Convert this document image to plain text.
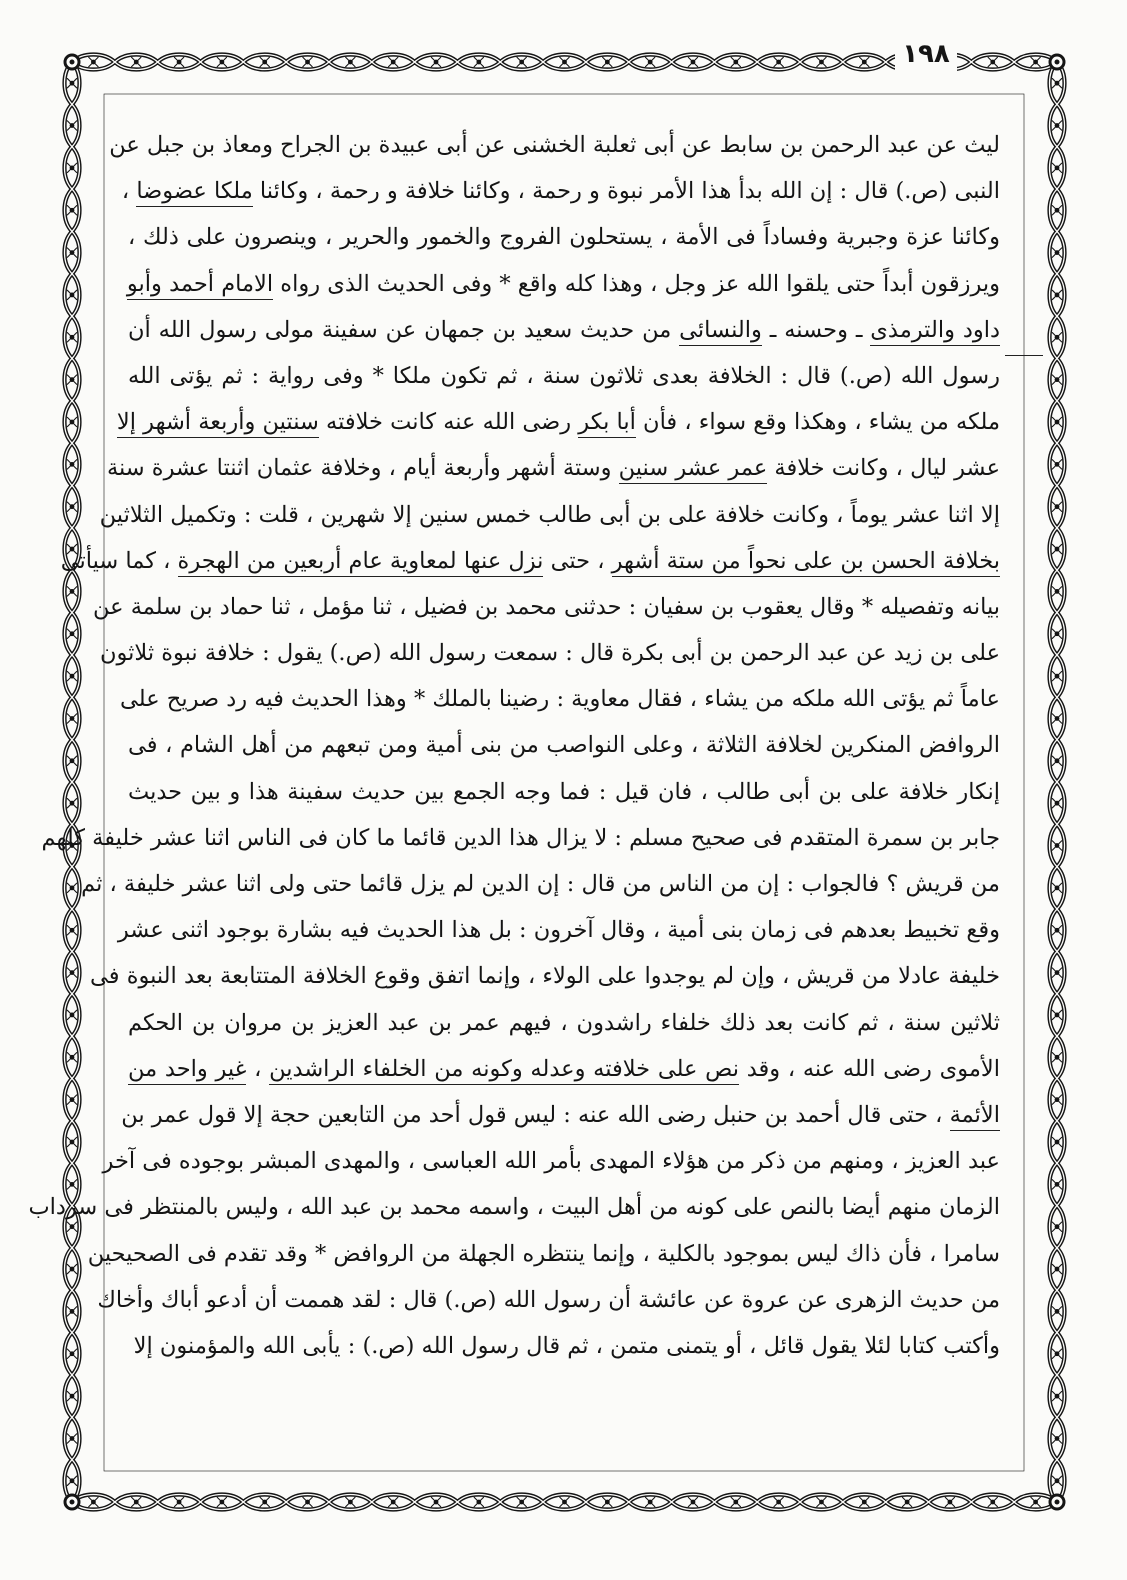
١٩٨
ليث عن عبد الرحمن بن سابط عن أبى ثعلبة الخشنى عن أبى عبيدة بن الجراح ومعاذ بن جبل عن
النبى (ص.) قال : إن الله بدأ هذا الأمر نبوة و رحمة ، وكائنا خلافة و رحمة ، وكائنا ملكا عضوضا ،
وكائنا عزة وجبرية وفساداً فى الأمة ، يستحلون الفروج والخمور والحرير ، وينصرون على ذلك ،
ويرزقون أبداً حتى يلقوا الله عز وجل ، وهذا كله واقع * وفى الحديث الذى رواه الامام أحمد وأبو
داود والترمذى ـ وحسنه ـ والنسائى من حديث سعيد بن جمهان عن سفينة مولى رسول الله أن
رسول الله (ص.) قال : الخلافة بعدى ثلاثون سنة ، ثم تكون ملكا * وفى رواية : ثم يؤتى الله
ملكه من يشاء ، وهكذا وقع سواء ، فأن أبا بكر رضى الله عنه كانت خلافته سنتين وأربعة أشهر إلا
عشر ليال ، وكانت خلافة عمر عشر سنين وستة أشهر وأربعة أيام ، وخلافة عثمان اثنتا عشرة سنة
إلا اثنا عشر يوماً ، وكانت خلافة على بن أبى طالب خمس سنين إلا شهرين ، قلت : وتكميل الثلاثين
بخلافة الحسن بن على نحواً من ستة أشهر ، حتى نزل عنها لمعاوية عام أربعين من الهجرة ، كما سيأتى
بيانه وتفصيله * وقال يعقوب بن سفيان : حدثنى محمد بن فضيل ، ثنا مؤمل ، ثنا حماد بن سلمة عن
على بن زيد عن عبد الرحمن بن أبى بكرة قال : سمعت رسول الله (ص.) يقول : خلافة نبوة ثلاثون
عاماً ثم يؤتى الله ملكه من يشاء ، فقال معاوية : رضينا بالملك * وهذا الحديث فيه رد صريح على
الروافض المنكرين لخلافة الثلاثة ، وعلى النواصب من بنى أمية ومن تبعهم من أهل الشام ، فى
إنكار خلافة على بن أبى طالب ، فان قيل : فما وجه الجمع بين حديث سفينة هذا و بين حديث
جابر بن سمرة المتقدم فى صحيح مسلم : لا يزال هذا الدين قائما ما كان فى الناس اثنا عشر خليفة كلهم
من قريش ؟ فالجواب : إن من الناس من قال : إن الدين لم يزل قائما حتى ولى اثنا عشر خليفة ، ثم
وقع تخبيط بعدهم فى زمان بنى أمية ، وقال آخرون : بل هذا الحديث فيه بشارة بوجود اثنى عشر
خليفة عادلا من قريش ، وإن لم يوجدوا على الولاء ، وإنما اتفق وقوع الخلافة المتتابعة بعد النبوة فى
ثلاثين سنة ، ثم كانت بعد ذلك خلفاء راشدون ، فيهم عمر بن عبد العزيز بن مروان بن الحكم
الأموى رضى الله عنه ، وقد نص على خلافته وعدله وكونه من الخلفاء الراشدين ، غير واحد من
الأئمة ، حتى قال أحمد بن حنبل رضى الله عنه : ليس قول أحد من التابعين حجة إلا قول عمر بن
عبد العزيز ، ومنهم من ذكر من هؤلاء المهدى بأمر الله العباسى ، والمهدى المبشر بوجوده فى آخر
الزمان منهم أيضا بالنص على كونه من أهل البيت ، واسمه محمد بن عبد الله ، وليس بالمنتظر فى سرداب
سامرا ، فأن ذاك ليس بموجود بالكلية ، وإنما ينتظره الجهلة من الروافض * وقد تقدم فى الصحيحين
من حديث الزهرى عن عروة عن عائشة أن رسول الله (ص.) قال : لقد هممت أن أدعو أباك وأخاك
وأكتب كتابا لئلا يقول قائل ، أو يتمنى متمن ، ثم قال رسول الله (ص.) : يأبى الله والمؤمنون إلا
